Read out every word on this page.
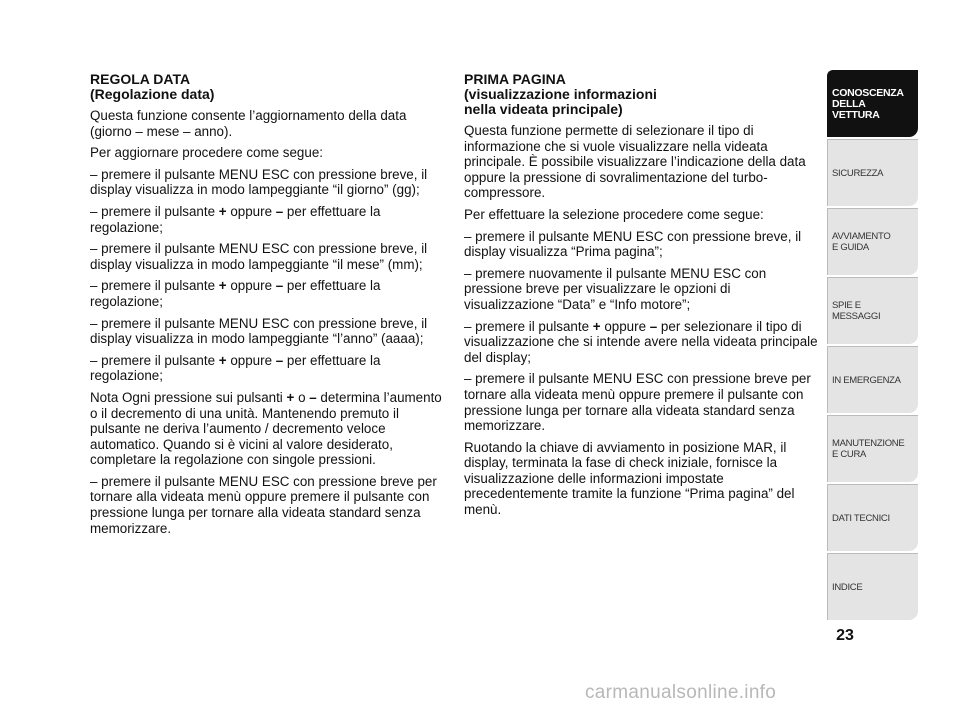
REGOLA DATA
(Regolazione data)

Questa funzione consente l’aggiornamento della data (giorno – mese – anno).

Per aggiornare procedere come segue:

– premere il pulsante MENU ESC con pressione breve, il display visualizza in modo lampeggiante “il giorno” (gg);

– premere il pulsante + oppure – per effettuare la regolazione;

– premere il pulsante MENU ESC con pressione breve, il display visualizza in modo lampeggiante “il mese” (mm);

– premere il pulsante + oppure – per effettuare la regolazione;

– premere il pulsante MENU ESC con pressione breve, il display visualizza in modo lampeggiante “l’anno” (aaaa);

– premere il pulsante + oppure – per effettuare la regolazione;

Nota Ogni pressione sui pulsanti + o – determina l’aumento o il decremento di una unità. Mantenendo premuto il pulsante ne deriva l’aumento / decremento veloce automatico. Quando si è vicini al valore desiderato, completare la regolazione con singole pressioni.

– premere il pulsante MENU ESC con pressione breve per tornare alla videata menù oppure premere il pulsante con pressione lunga per tornare alla videata standard senza memorizzare.

PRIMA PAGINA
(visualizzazione informazioni
nella videata principale)

Questa funzione permette di selezionare il tipo di informazione che si vuole visualizzare nella videata principale. È possibile visualizzare l’indicazione della data oppure la pressione di sovralimentazione del turbo-compressore.

Per effettuare la selezione procedere come segue:

– premere il pulsante MENU ESC con pressione breve, il display visualizza “Prima pagina”;

– premere nuovamente il pulsante MENU ESC con pressione breve per visualizzare le opzioni di visualizzazione “Data” e “Info motore”;

– premere il pulsante + oppure – per selezionare il tipo di visualizzazione che si intende avere nella videata principale del display;

– premere il pulsante MENU ESC con pressione breve per tornare alla videata menù oppure premere il pulsante con pressione lunga per tornare alla videata standard senza memorizzare.

Ruotando la chiave di avviamento in posizione MAR, il display, terminata la fase di check iniziale, fornisce la visualizzazione delle informazioni impostate precedentemente tramite la funzione “Prima pagina” del menù.

CONOSCENZA
DELLA
VETTURA
SICUREZZA
AVVIAMENTO
E GUIDA
SPIE E
MESSAGGI
IN EMERGENZA
MANUTENZIONE
E CURA
DATI TECNICI
INDICE
23
carmanualsonline.info
